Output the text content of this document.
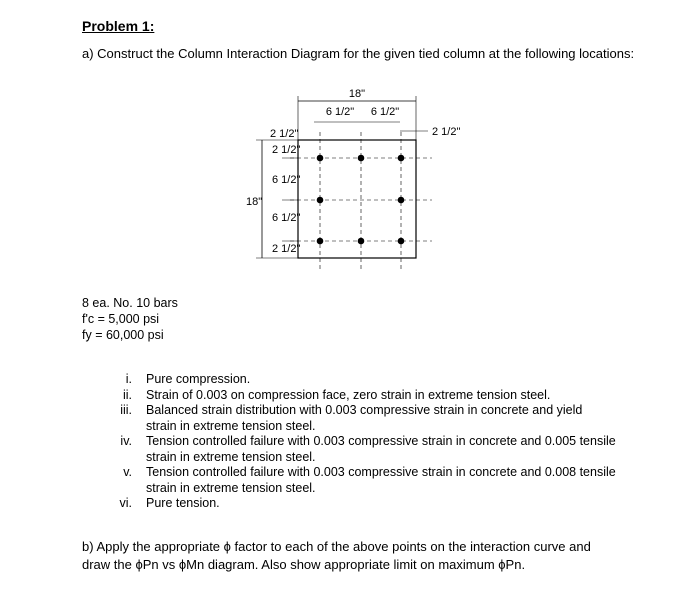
Problem 1:
a) Construct the Column Interaction Diagram for the given tied column at the following locations:
18"
6 1/2" 6 1/2"
2 1/2"
2 1/2"
2 1/2"
6 1/2"
18"
6 1/2"
2 1/2"
8 ea. No. 10 bars
f'c = 5,000 psi
fy = 60,000 psi
i. Pure compression.
ii. Strain of 0.003 on compression face, zero strain in extreme tension steel.
iii. Balanced strain distribution with 0.003 compressive strain in concrete and yield strain in extreme tension steel.
iv. Tension controlled failure with 0.003 compressive strain in concrete and 0.005 tensile strain in extreme tension steel.
v. Tension controlled failure with 0.003 compressive strain in concrete and 0.008 tensile strain in extreme tension steel.
vi. Pure tension.
b) Apply the appropriate ϕ factor to each of the above points on the interaction curve and draw the ϕPn vs ϕMn diagram. Also show appropriate limit on maximum ϕPn.
